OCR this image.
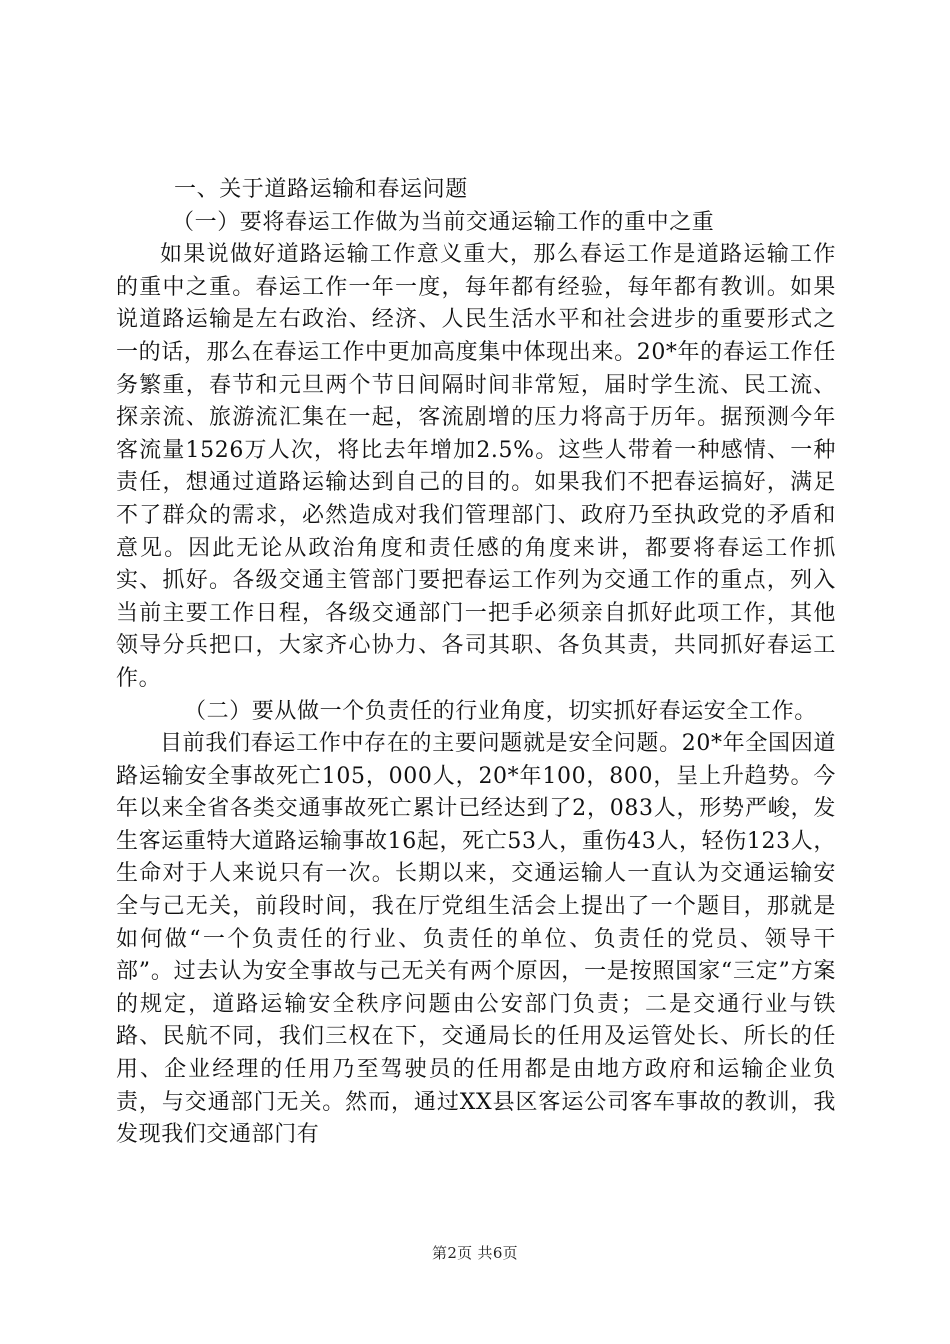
一、关于道路运输和春运问题

（一）要将春运工作做为当前交通运输工作的重中之重

如果说做好道路运输工作意义重大，那么春运工作是道路运输工作的重中之重。春运工作一年一度，每年都有经验，每年都有教训。如果说道路运输是左右政治、经济、人民生活水平和社会进步的重要形式之一的话，那么在春运工作中更加高度集中体现出来。20*年的春运工作任务繁重，春节和元旦两个节日间隔时间非常短，届时学生流、民工流、探亲流、旅游流汇集在一起，客流剧增的压力将高于历年。据预测今年客流量1526万人次，将比去年增加2.5%。这些人带着一种感情、一种责任，想通过道路运输达到自己的目的。如果我们不把春运搞好，满足不了群众的需求，必然造成对我们管理部门、政府乃至执政党的矛盾和意见。因此无论从政治角度和责任感的角度来讲，都要将春运工作抓实、抓好。各级交通主管部门要把春运工作列为交通工作的重点，列入当前主要工作日程，各级交通部门一把手必须亲自抓好此项工作，其他领导分兵把口，大家齐心协力、各司其职、各负其责，共同抓好春运工作。

（二）要从做一个负责任的行业角度，切实抓好春运安全工作。

目前我们春运工作中存在的主要问题就是安全问题。20*年全国因道路运输安全事故死亡105，000人，20*年100，800，呈上升趋势。今年以来全省各类交通事故死亡累计已经达到了2，083人，形势严峻，发生客运重特大道路运输事故16起，死亡53人，重伤43人，轻伤123人，生命对于人来说只有一次。长期以来，交通运输人一直认为交通运输安全与己无关，前段时间，我在厅党组生活会上提出了一个题目，那就是如何做“一个负责任的行业、负责任的单位、负责任的党员、领导干部”。过去认为安全事故与己无关有两个原因，一是按照国家“三定”方案的规定，道路运输安全秩序问题由公安部门负责；二是交通行业与铁路、民航不同，我们三权在下，交通局长的任用及运管处长、所长的任用、企业经理的任用乃至驾驶员的任用都是由地方政府和运输企业负责，与交通部门无关。然而，通过XX县区客运公司客车事故的教训，我发现我们交通部门有

第2页 共6页
